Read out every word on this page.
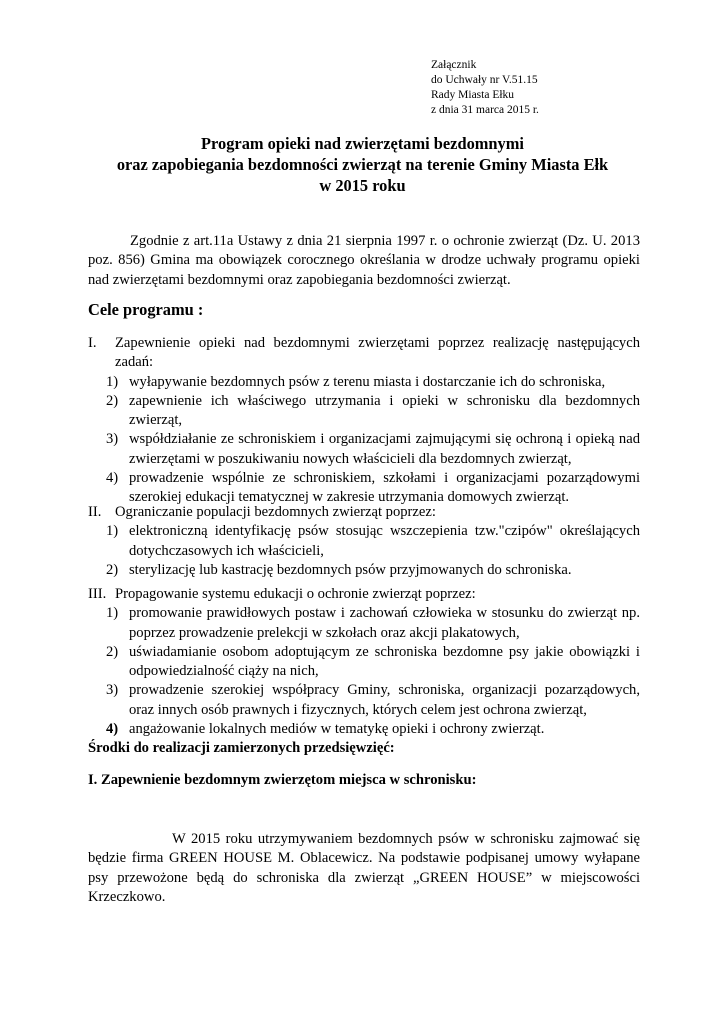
Załącznik
do Uchwały nr V.51.15
Rady Miasta Ełku
z dnia 31 marca 2015 r.
Program opieki nad zwierzętami bezdomnymi
oraz zapobiegania bezdomności zwierząt na terenie Gminy Miasta Ełk
w 2015 roku
Zgodnie z art.11a Ustawy z dnia 21 sierpnia 1997 r. o ochronie zwierząt (Dz. U. 2013 poz. 856) Gmina ma obowiązek corocznego określania w drodze uchwały programu opieki nad zwierzętami bezdomnymi oraz zapobiegania bezdomności zwierząt.
Cele programu :
I. Zapewnienie opieki nad bezdomnymi zwierzętami poprzez realizację następujących zadań:
1) wyłapywanie bezdomnych psów z terenu miasta i dostarczanie ich do schroniska,
2) zapewnienie ich właściwego utrzymania i opieki w schronisku dla bezdomnych zwierząt,
3) współdziałanie ze schroniskiem i organizacjami zajmującymi się ochroną i opieką nad zwierzętami w poszukiwaniu nowych właścicieli dla bezdomnych zwierząt,
4) prowadzenie wspólnie ze schroniskiem, szkołami i organizacjami pozarządowymi szerokiej edukacji tematycznej w zakresie utrzymania domowych zwierząt.
II. Ograniczanie populacji bezdomnych zwierząt poprzez:
1) elektroniczną identyfikację psów stosując wszczepienia tzw."czipów" określających dotychczasowych ich właścicieli,
2) sterylizację lub kastrację bezdomnych psów przyjmowanych do schroniska.
III. Propagowanie systemu edukacji o ochronie zwierząt poprzez:
1) promowanie prawidłowych postaw i zachowań człowieka w stosunku do zwierząt np. poprzez prowadzenie prelekcji w szkołach oraz akcji plakatowych,
2) uświadamianie osobom adoptującym ze schroniska bezdomne psy jakie obowiązki i odpowiedzialność ciąży na nich,
3) prowadzenie szerokiej współpracy Gminy, schroniska, organizacji pozarządowych, oraz innych osób prawnych i fizycznych, których celem jest ochrona zwierząt,
4) angażowanie lokalnych mediów w tematykę opieki i ochrony zwierząt.
Środki do realizacji zamierzonych przedsięwzięć:
I. Zapewnienie bezdomnym zwierzętom miejsca w schronisku:
W 2015 roku utrzymywaniem bezdomnych psów w schronisku zajmować się będzie firma GREEN HOUSE M. Oblacewicz. Na podstawie podpisanej umowy wyłapane psy przewożone będą do schroniska dla zwierząt „GREEN HOUSE” w miejscowości Krzeczkowo.
